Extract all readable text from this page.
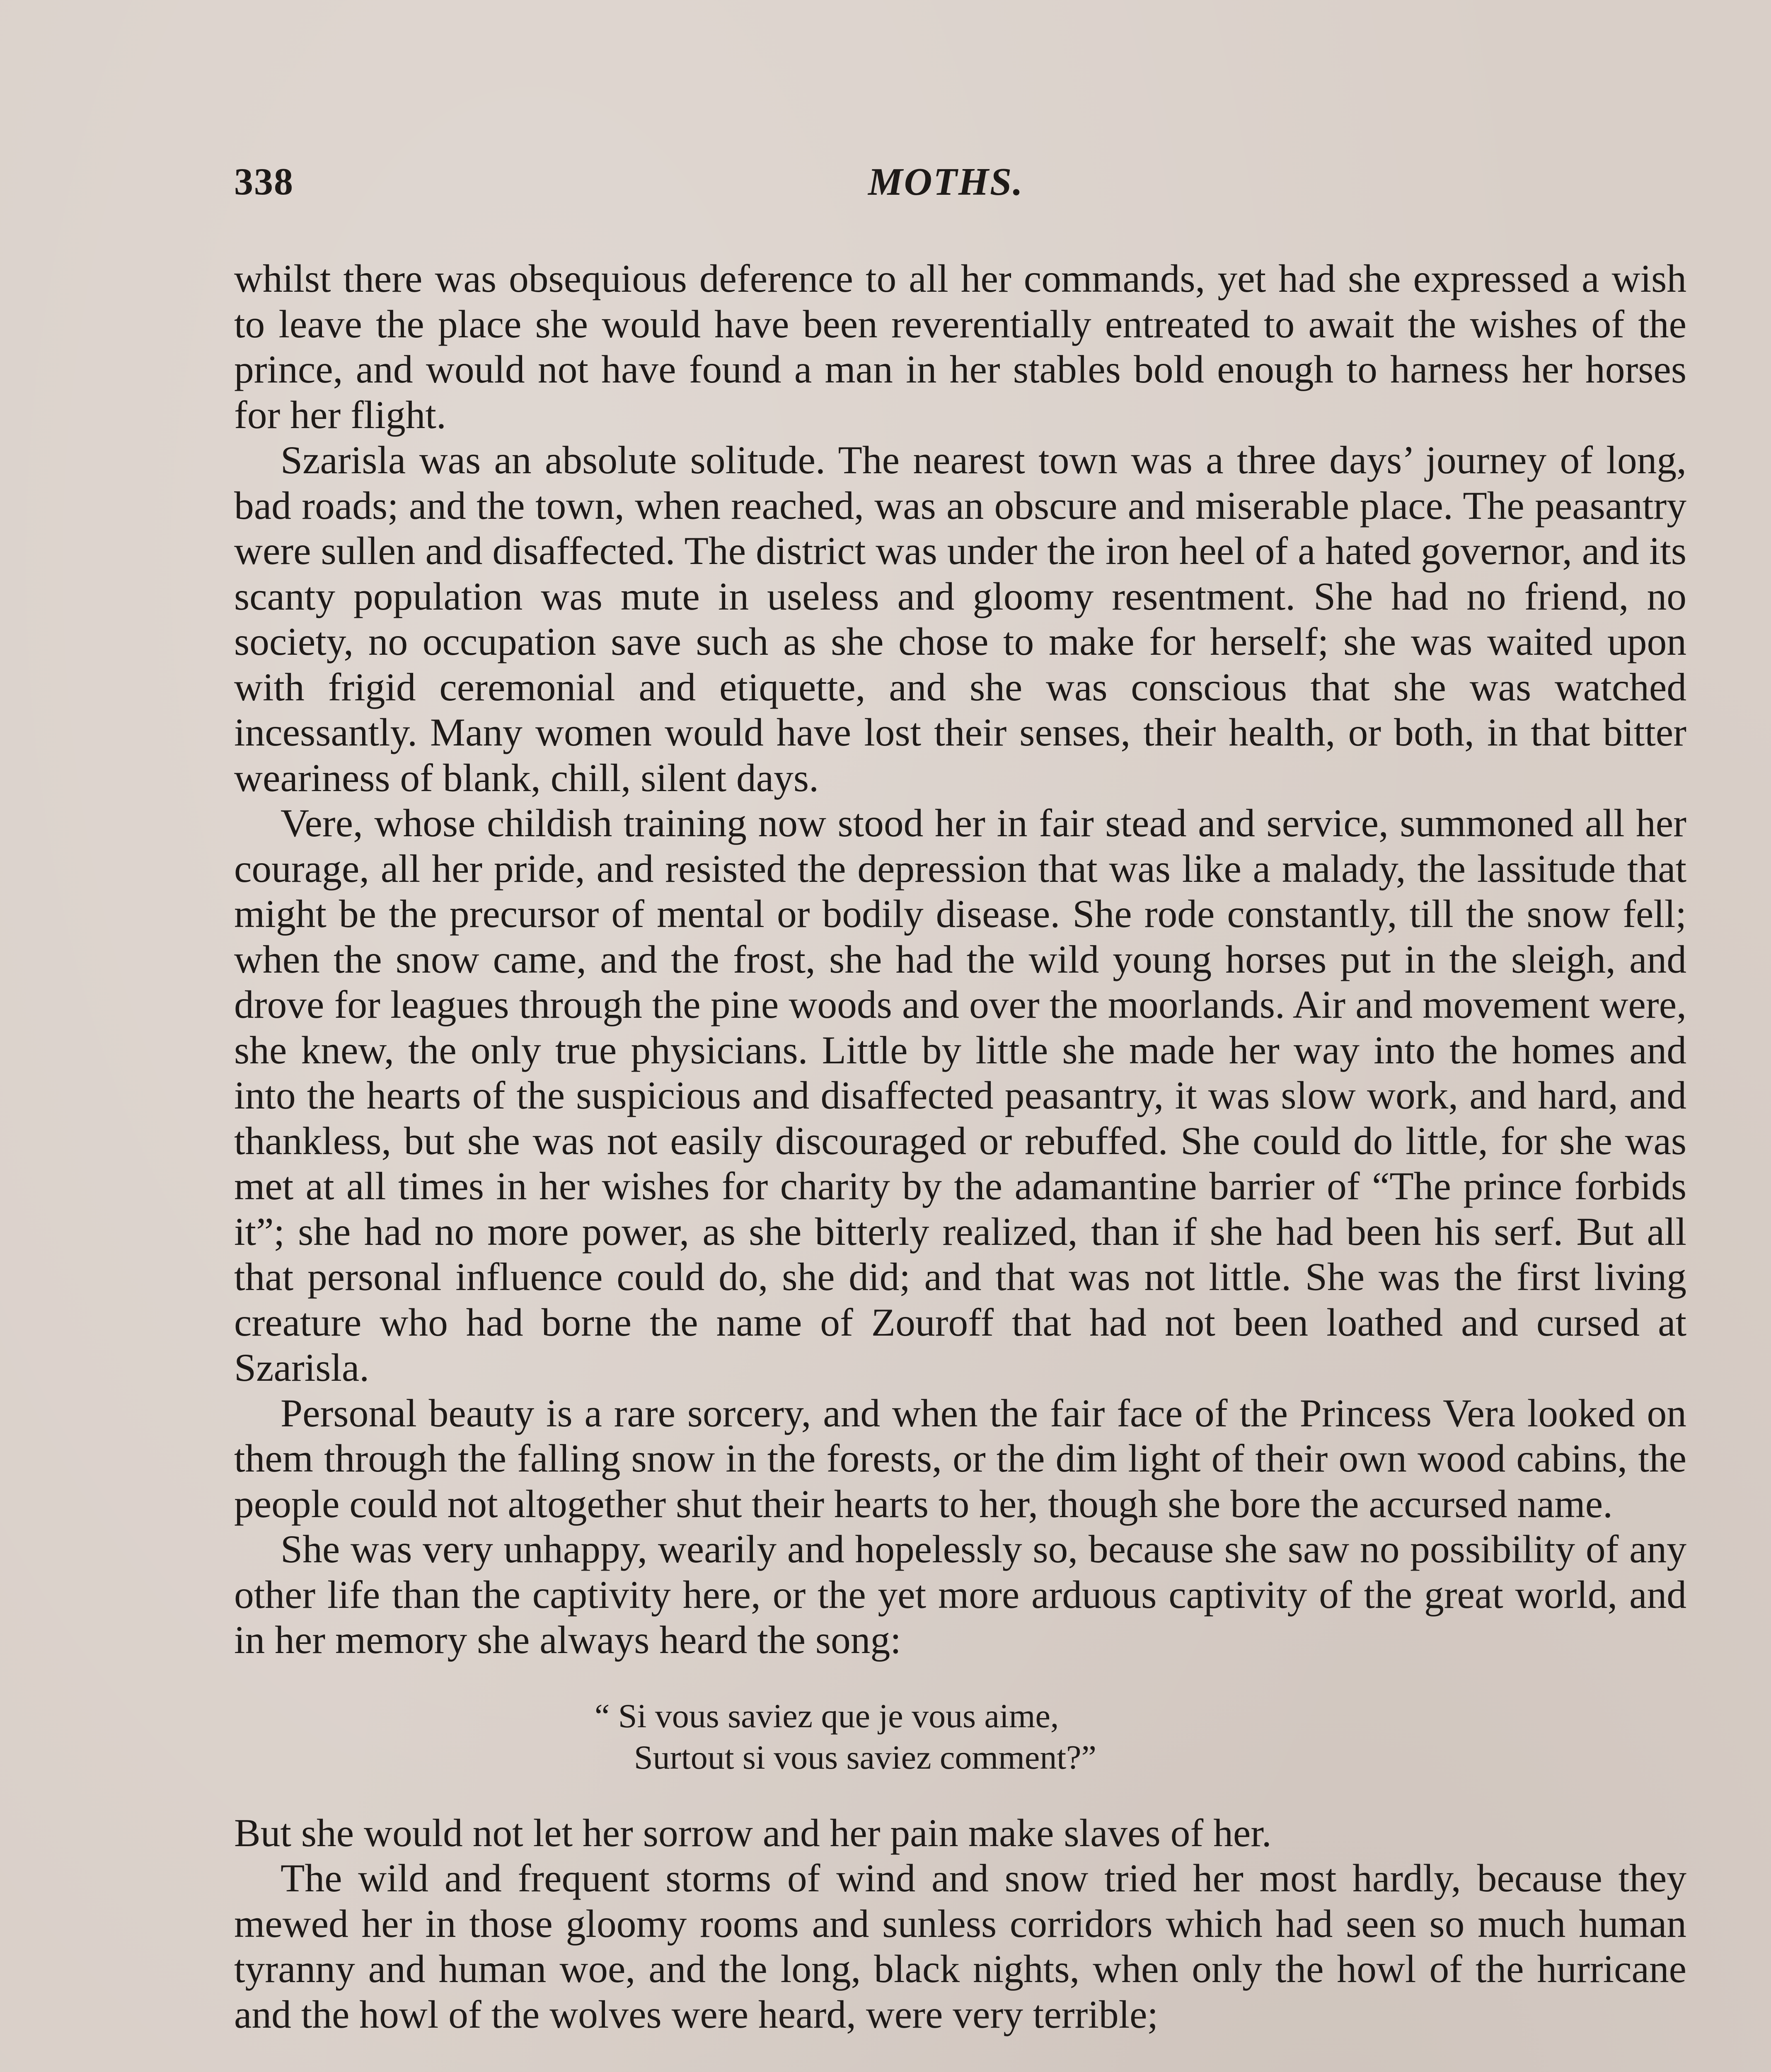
338	MOTHS.

whilst there was obsequious deference to all her commands, yet had she expressed a wish to leave the place she would have been reverentially entreated to await the wishes of the prince, and would not have found a man in her stables bold enough to harness her horses for her flight.

Szarisla was an absolute solitude. The nearest town was a three days’ journey of long, bad roads; and the town, when reached, was an obscure and miserable place. The peasantry were sullen and disaffected. The district was under the iron heel of a hated governor, and its scanty population was mute in useless and gloomy resentment. She had no friend, no society, no occupation save such as she chose to make for herself; she was waited upon with frigid ceremonial and etiquette, and she was conscious that she was watched incessantly. Many women would have lost their senses, their health, or both, in that bitter weariness of blank, chill, silent days.

Vere, whose childish training now stood her in fair stead and service, summoned all her courage, all her pride, and resisted the depression that was like a malady, the lassitude that might be the precursor of mental or bodily disease. She rode constantly, till the snow fell; when the snow came, and the frost, she had the wild young horses put in the sleigh, and drove for leagues through the pine woods and over the moorlands. Air and movement were, she knew, the only true physicians. Little by little she made her way into the homes and into the hearts of the suspicious and disaffected peasantry, it was slow work, and hard, and thankless, but she was not easily discouraged or rebuffed. She could do little, for she was met at all times in her wishes for charity by the adamantine barrier of “The prince forbids it”; she had no more power, as she bitterly realized, than if she had been his serf. But all that personal influence could do, she did; and that was not little. She was the first living creature who had borne the name of Zouroff that had not been loathed and cursed at Szarisla.

Personal beauty is a rare sorcery, and when the fair face of the Princess Vera looked on them through the falling snow in the forests, or the dim light of their own wood cabins, the people could not altogether shut their hearts to her, though she bore the accursed name.

She was very unhappy, wearily and hopelessly so, because she saw no possibility of any other life than the captivity here, or the yet more arduous captivity of the great world, and in her memory she always heard the song:

“ Si vous saviez que je vous aime,
Surtout si vous saviez comment?”

But she would not let her sorrow and her pain make slaves of her.

The wild and frequent storms of wind and snow tried her most hardly, because they mewed her in those gloomy rooms and sunless corridors which had seen so much human tyranny and human woe, and the long, black nights, when only the howl of the hurricane and the howl of the wolves were heard, were very terrible;
